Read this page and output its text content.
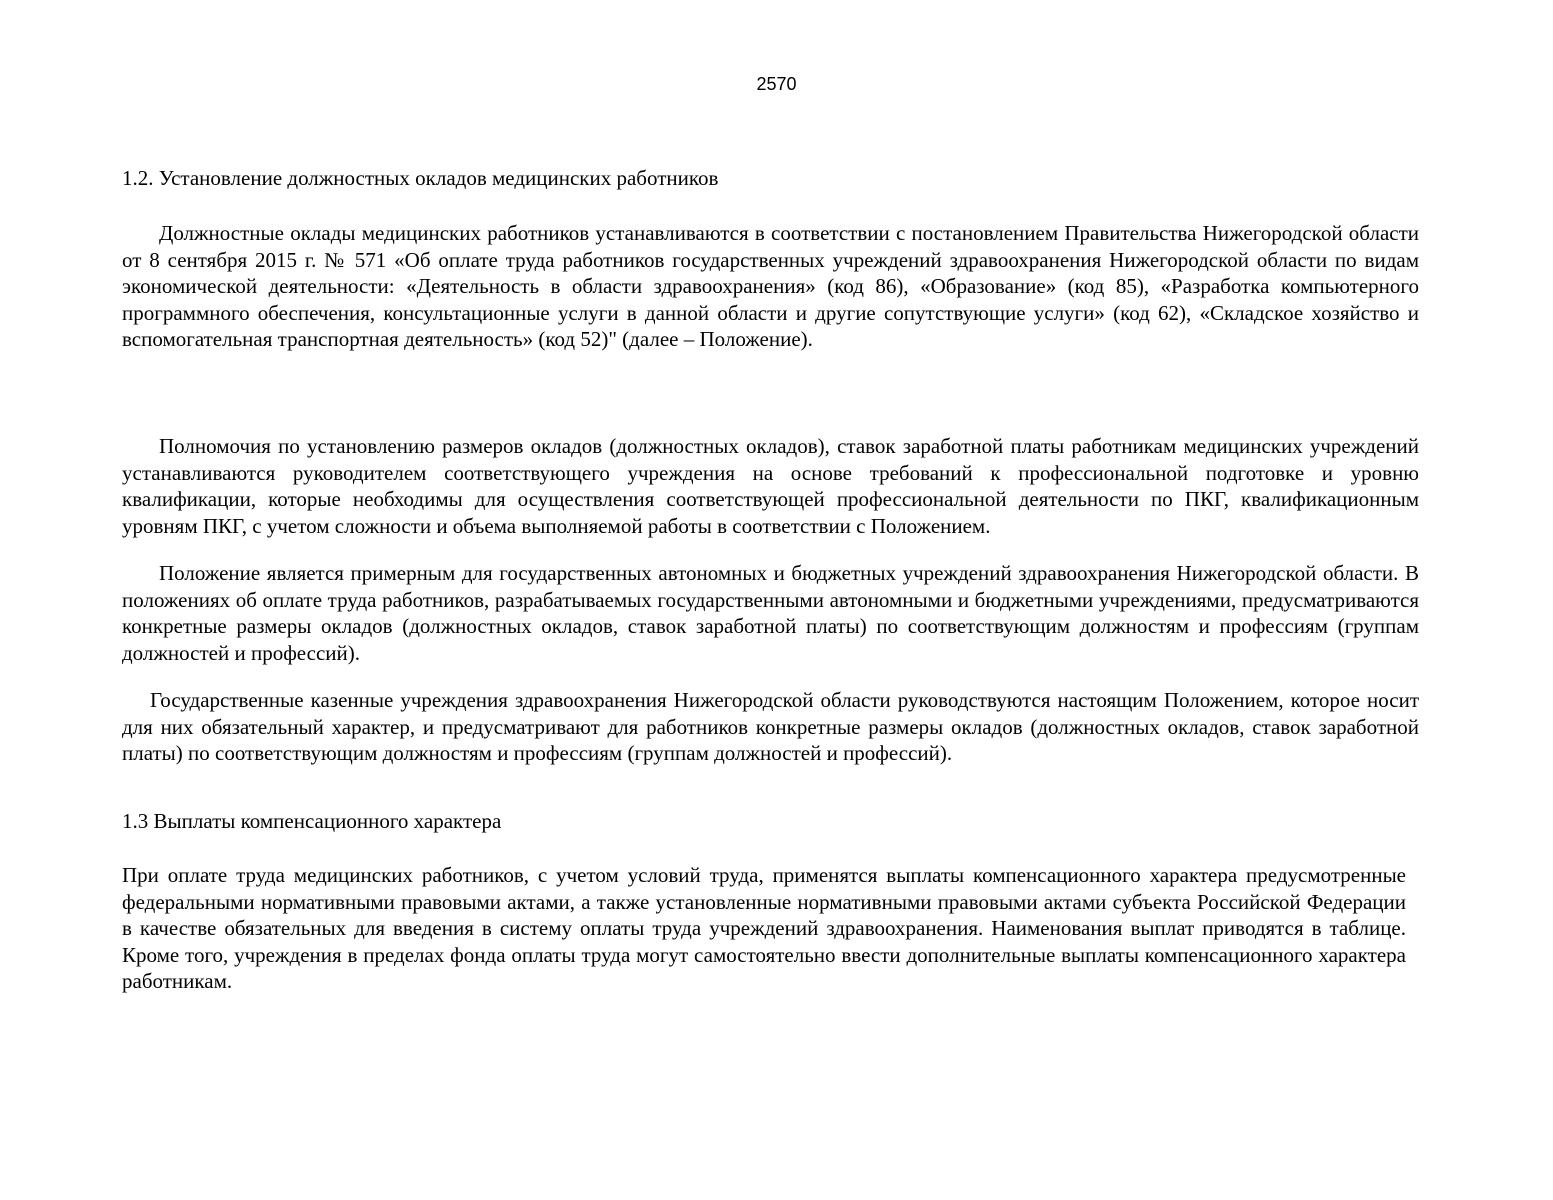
2570
1.2. Установление должностных окладов медицинских работников

Должностные оклады медицинских работников устанавливаются в соответствии с постановлением Правительства Нижегородской области от 8 сентября 2015 г. № 571 «Об оплате труда работников государственных учреждений здравоохранения Нижегородской области по видам экономической деятельности: «Деятельность в области здравоохранения» (код 86), «Образование» (код 85), «Разработка компьютерного программного обеспечения, консультационные услуги в данной области и другие сопутствующие услуги» (код 62), «Складское хозяйство и вспомогательная транспортная деятельность» (код 52)" (далее – Положение).

Полномочия по установлению размеров окладов (должностных окладов), ставок заработной платы работникам медицинских учреждений устанавливаются руководителем соответствующего учреждения на основе требований к профессиональной подготовке и уровню квалификации, которые необходимы для осуществления соответствующей профессиональной деятельности по ПКГ, квалификационным уровням ПКГ, с учетом сложности и объема выполняемой работы в соответствии с Положением.

Положение является примерным для государственных автономных и бюджетных учреждений здравоохранения Нижегородской области. В положениях об оплате труда работников, разрабатываемых государственными автономными и бюджетными учреждениями, предусматриваются конкретные размеры окладов (должностных окладов, ставок заработной платы) по соответствующим должностям и профессиям (группам должностей и профессий).

Государственные казенные учреждения здравоохранения Нижегородской области руководствуются настоящим Положением, которое носит для них обязательный характер, и предусматривают для работников конкретные размеры окладов (должностных окладов, ставок заработной платы) по соответствующим должностям и профессиям (группам должностей и профессий).

1.3 Выплаты компенсационного характера

При оплате труда медицинских работников, с учетом условий труда, применятся выплаты компенсационного характера предусмотренные федеральными нормативными правовыми актами, а также установленные нормативными правовыми актами субъекта Российской Федерации в качестве обязательных для введения в систему оплаты труда учреждений здравоохранения. Наименования выплат приводятся в таблице. Кроме того, учреждения в пределах фонда оплаты труда могут самостоятельно ввести дополнительные выплаты компенсационного характера работникам.
